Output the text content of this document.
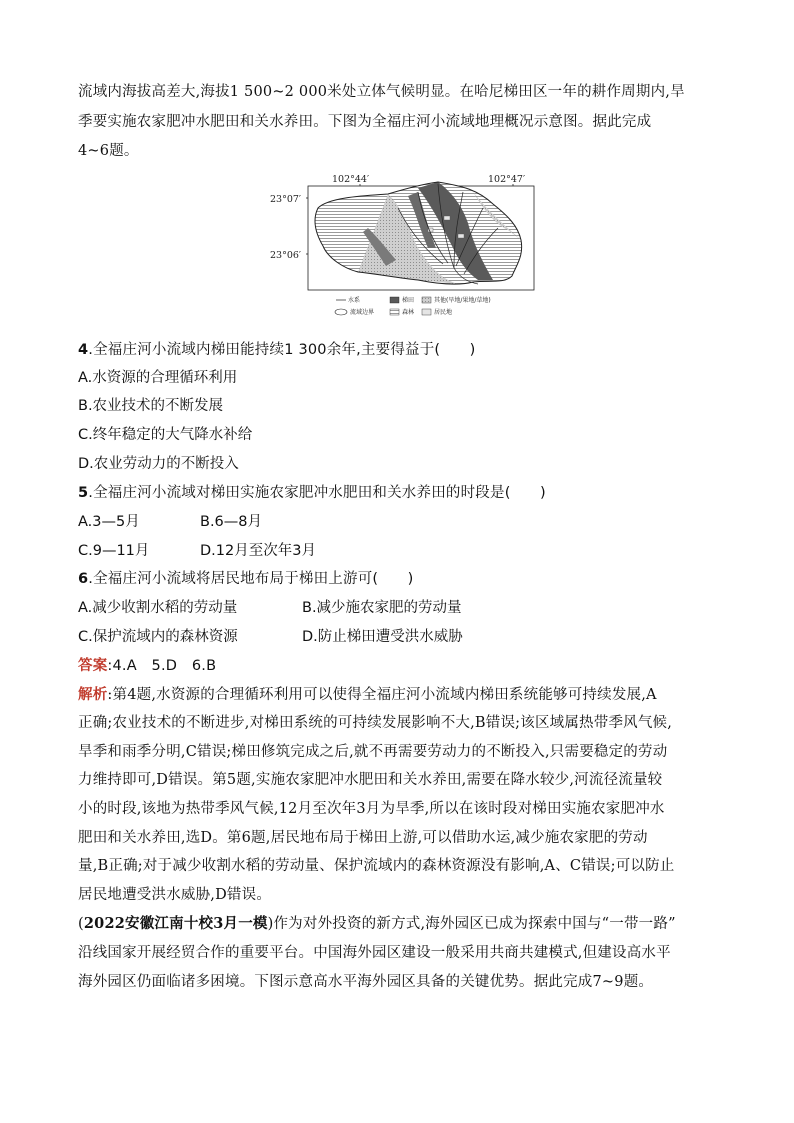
流域内海拔高差大,海拔1 500~2 000米处立体气候明显。在哈尼梯田区一年的耕作周期内,旱
季要实施农家肥冲水肥田和关水养田。下图为全福庄河小流域地理概况示意图。据此完成
4~6题。
102°44′	102°47′
23°07′
23°06′
水系	梯田	其他(旱地/果地/草地)
流域边界	森林	居民地
4.全福庄河小流域内梯田能持续1 300余年,主要得益于(　　)
A.水资源的合理循环利用
B.农业技术的不断发展
C.终年稳定的大气降水补给
D.农业劳动力的不断投入
5.全福庄河小流域对梯田实施农家肥冲水肥田和关水养田的时段是(　　)
A.3—5月	B.6—8月
C.9—11月	D.12月至次年3月
6.全福庄河小流域将居民地布局于梯田上游可(　　)
A.减少收割水稻的劳动量	B.减少施农家肥的劳动量
C.保护流域内的森林资源	D.防止梯田遭受洪水威胁
答案:4.A　5.D　6.B
解析:第4题,水资源的合理循环利用可以使得全福庄河小流域内梯田系统能够可持续发展,A
正确;农业技术的不断进步,对梯田系统的可持续发展影响不大,B错误;该区域属热带季风气候,
旱季和雨季分明,C错误;梯田修筑完成之后,就不再需要劳动力的不断投入,只需要稳定的劳动
力维持即可,D错误。第5题,实施农家肥冲水肥田和关水养田,需要在降水较少,河流径流量较
小的时段,该地为热带季风气候,12月至次年3月为旱季,所以在该时段对梯田实施农家肥冲水
肥田和关水养田,选D。第6题,居民地布局于梯田上游,可以借助水运,减少施农家肥的劳动
量,B正确;对于减少收割水稻的劳动量、保护流域内的森林资源没有影响,A、C错误;可以防止
居民地遭受洪水威胁,D错误。
(2022安徽江南十校3月一模)作为对外投资的新方式,海外园区已成为探索中国与“一带一路”
沿线国家开展经贸合作的重要平台。中国海外园区建设一般采用共商共建模式,但建设高水平
海外园区仍面临诸多困境。下图示意高水平海外园区具备的关键优势。据此完成7~9题。
